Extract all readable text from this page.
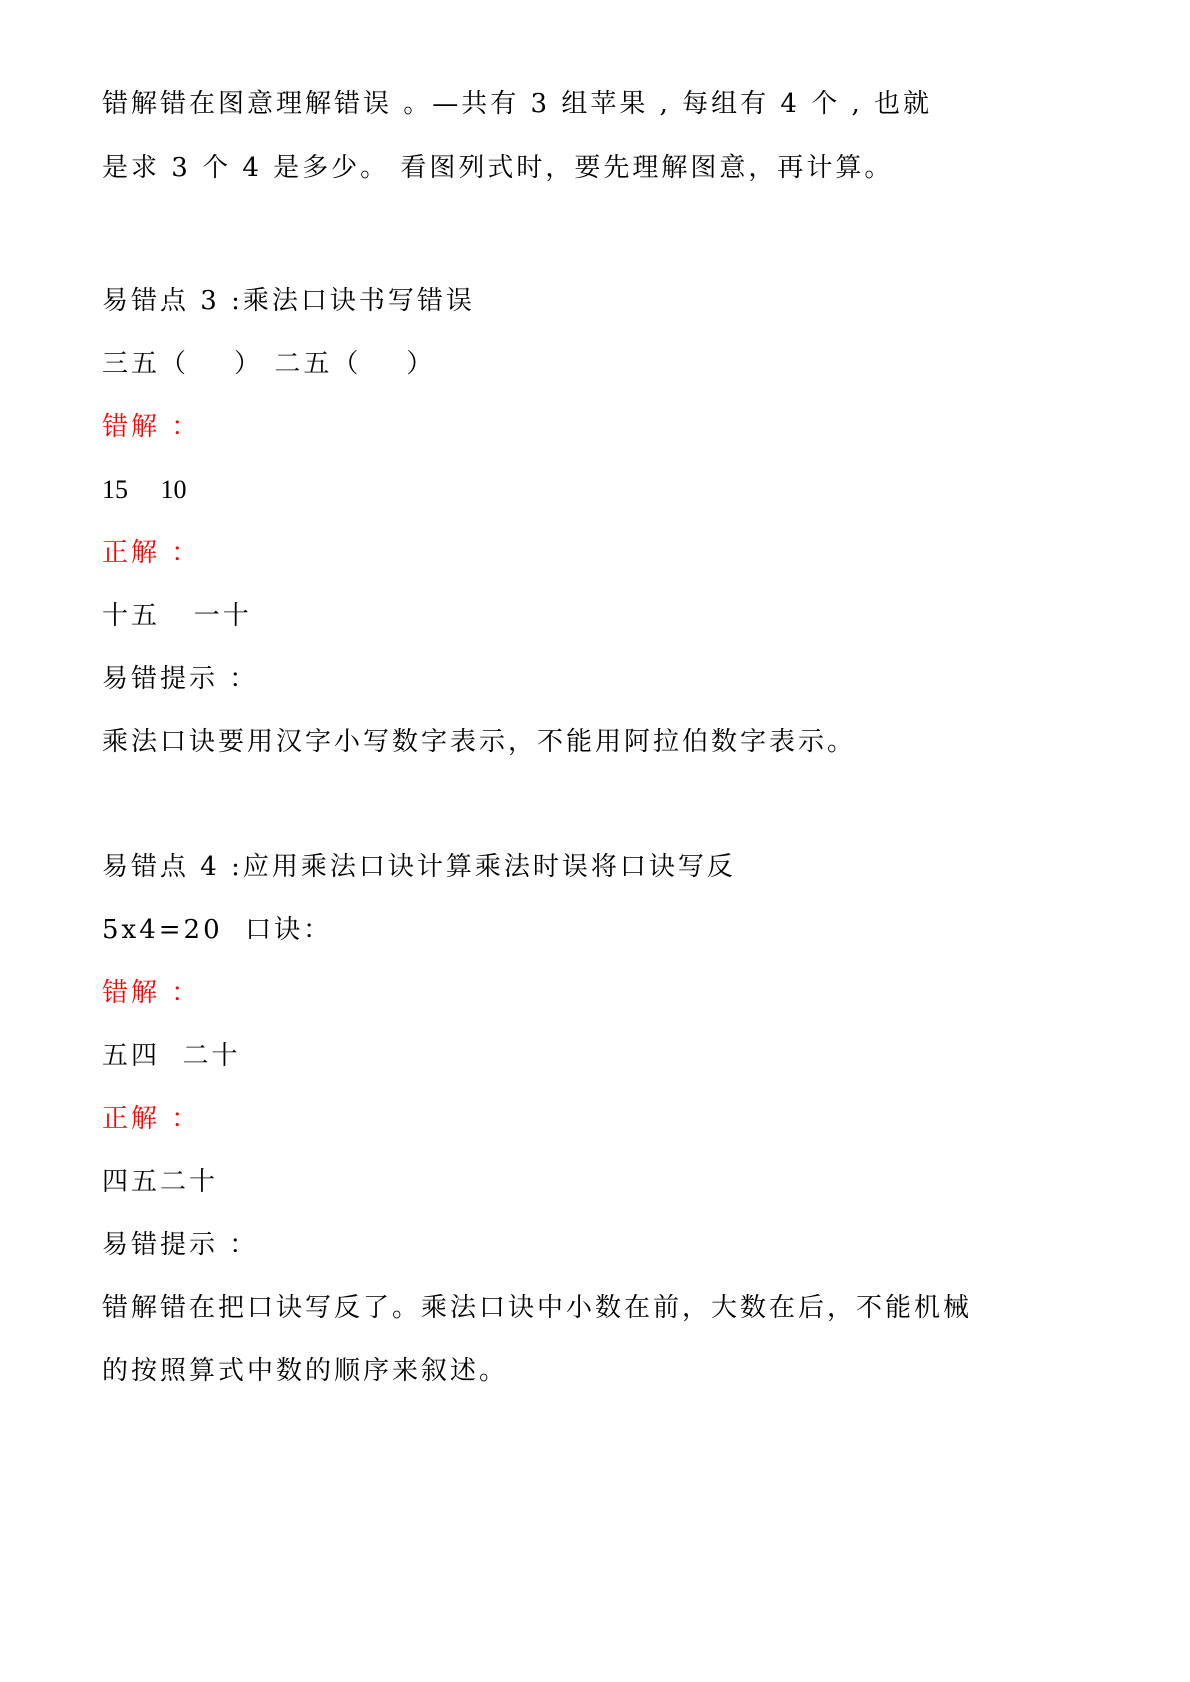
错解错在图意理解错误 。—共有 3 组苹果 , 每组有 4 个 , 也就
是求 3 个 4 是多少。 看图列式时，要先理解图意，再计算。
易错点 3 :乘法口诀书写错误
三五（    ） 二五（    ）
错解 ：
15     10
正解 ：
十五   一十
易错提示 ：
乘法口诀要用汉字小写数字表示，不能用阿拉伯数字表示。
易错点 4 :应用乘法口诀计算乘法时误将口诀写反
5x4=20  口诀：
错解 ：
五四  二十
正解 ：
四五二十
易错提示 ：
错解错在把口诀写反了。乘法口诀中小数在前，大数在后，不能机械
的按照算式中数的顺序来叙述。
